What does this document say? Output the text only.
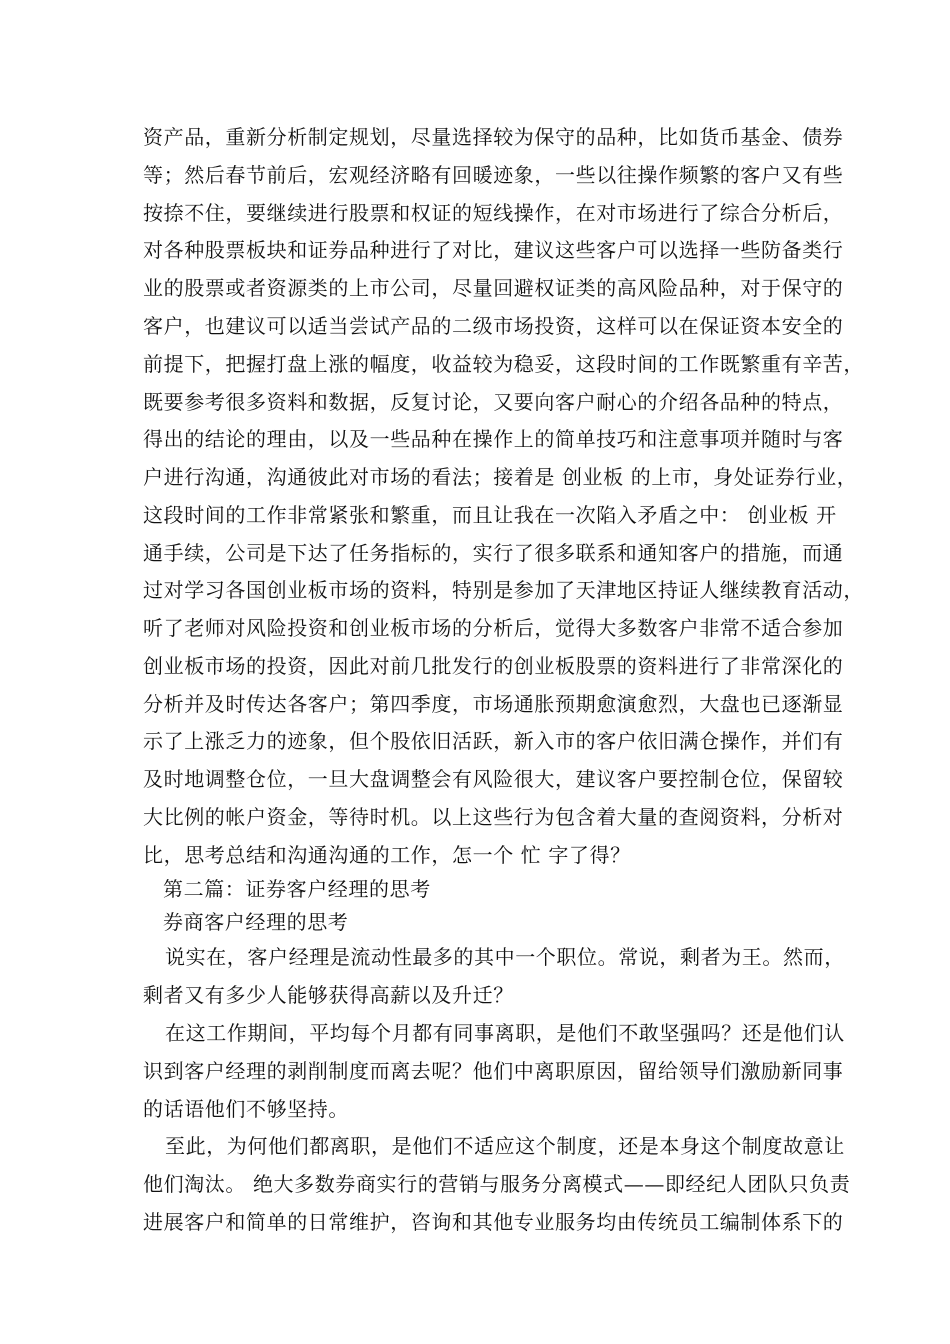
资产品，重新分析制定规划，尽量选择较为保守的品种，比如货币基金、债券
等；然后春节前后，宏观经济略有回暖迹象，一些以往操作频繁的客户又有些
按捺不住，要继续进行股票和权证的短线操作，在对市场进行了综合分析后，
对各种股票板块和证券品种进行了对比，建议这些客户可以选择一些防备类行
业的股票或者资源类的上市公司，尽量回避权证类的高风险品种，对于保守的
客户，也建议可以适当尝试产品的二级市场投资，这样可以在保证资本安全的
前提下，把握打盘上涨的幅度，收益较为稳妥，这段时间的工作既繁重有辛苦，
既要参考很多资料和数据，反复讨论，又要向客户耐心的介绍各品种的特点，
得出的结论的理由，以及一些品种在操作上的简单技巧和注意事项并随时与客
户进行沟通，沟通彼此对市场的看法；接着是 创业板 的上市，身处证券行业，
这段时间的工作非常紧张和繁重，而且让我在一次陷入矛盾之中： 创业板 开
通手续，公司是下达了任务指标的，实行了很多联系和通知客户的措施，而通
过对学习各国创业板市场的资料，特别是参加了天津地区持证人继续教育活动，
听了老师对风险投资和创业板市场的分析后，觉得大多数客户非常不适合参加
创业板市场的投资，因此对前几批发行的创业板股票的资料进行了非常深化的
分析并及时传达各客户；第四季度，市场通胀预期愈演愈烈，大盘也已逐渐显
示了上涨乏力的迹象，但个股依旧活跃，新入市的客户依旧满仓操作，并们有
及时地调整仓位，一旦大盘调整会有风险很大，建议客户要控制仓位，保留较
大比例的帐户资金，等待时机。以上这些行为包含着大量的查阅资料，分析对
比，思考总结和沟通沟通的工作，怎一个 忙 字了得？
第二篇：证券客户经理的思考
券商客户经理的思考
说实在，客户经理是流动性最多的其中一个职位。常说，剩者为王。然而，
剩者又有多少人能够获得高薪以及升迁？
在这工作期间，平均每个月都有同事离职，是他们不敢坚强吗？还是他们认
识到客户经理的剥削制度而离去呢？他们中离职原因，留给领导们激励新同事
的话语他们不够坚持。
至此，为何他们都离职，是他们不适应这个制度，还是本身这个制度故意让
他们淘汰。 绝大多数券商实行的营销与服务分离模式——即经纪人团队只负责
进展客户和简单的日常维护，咨询和其他专业服务均由传统员工编制体系下的
